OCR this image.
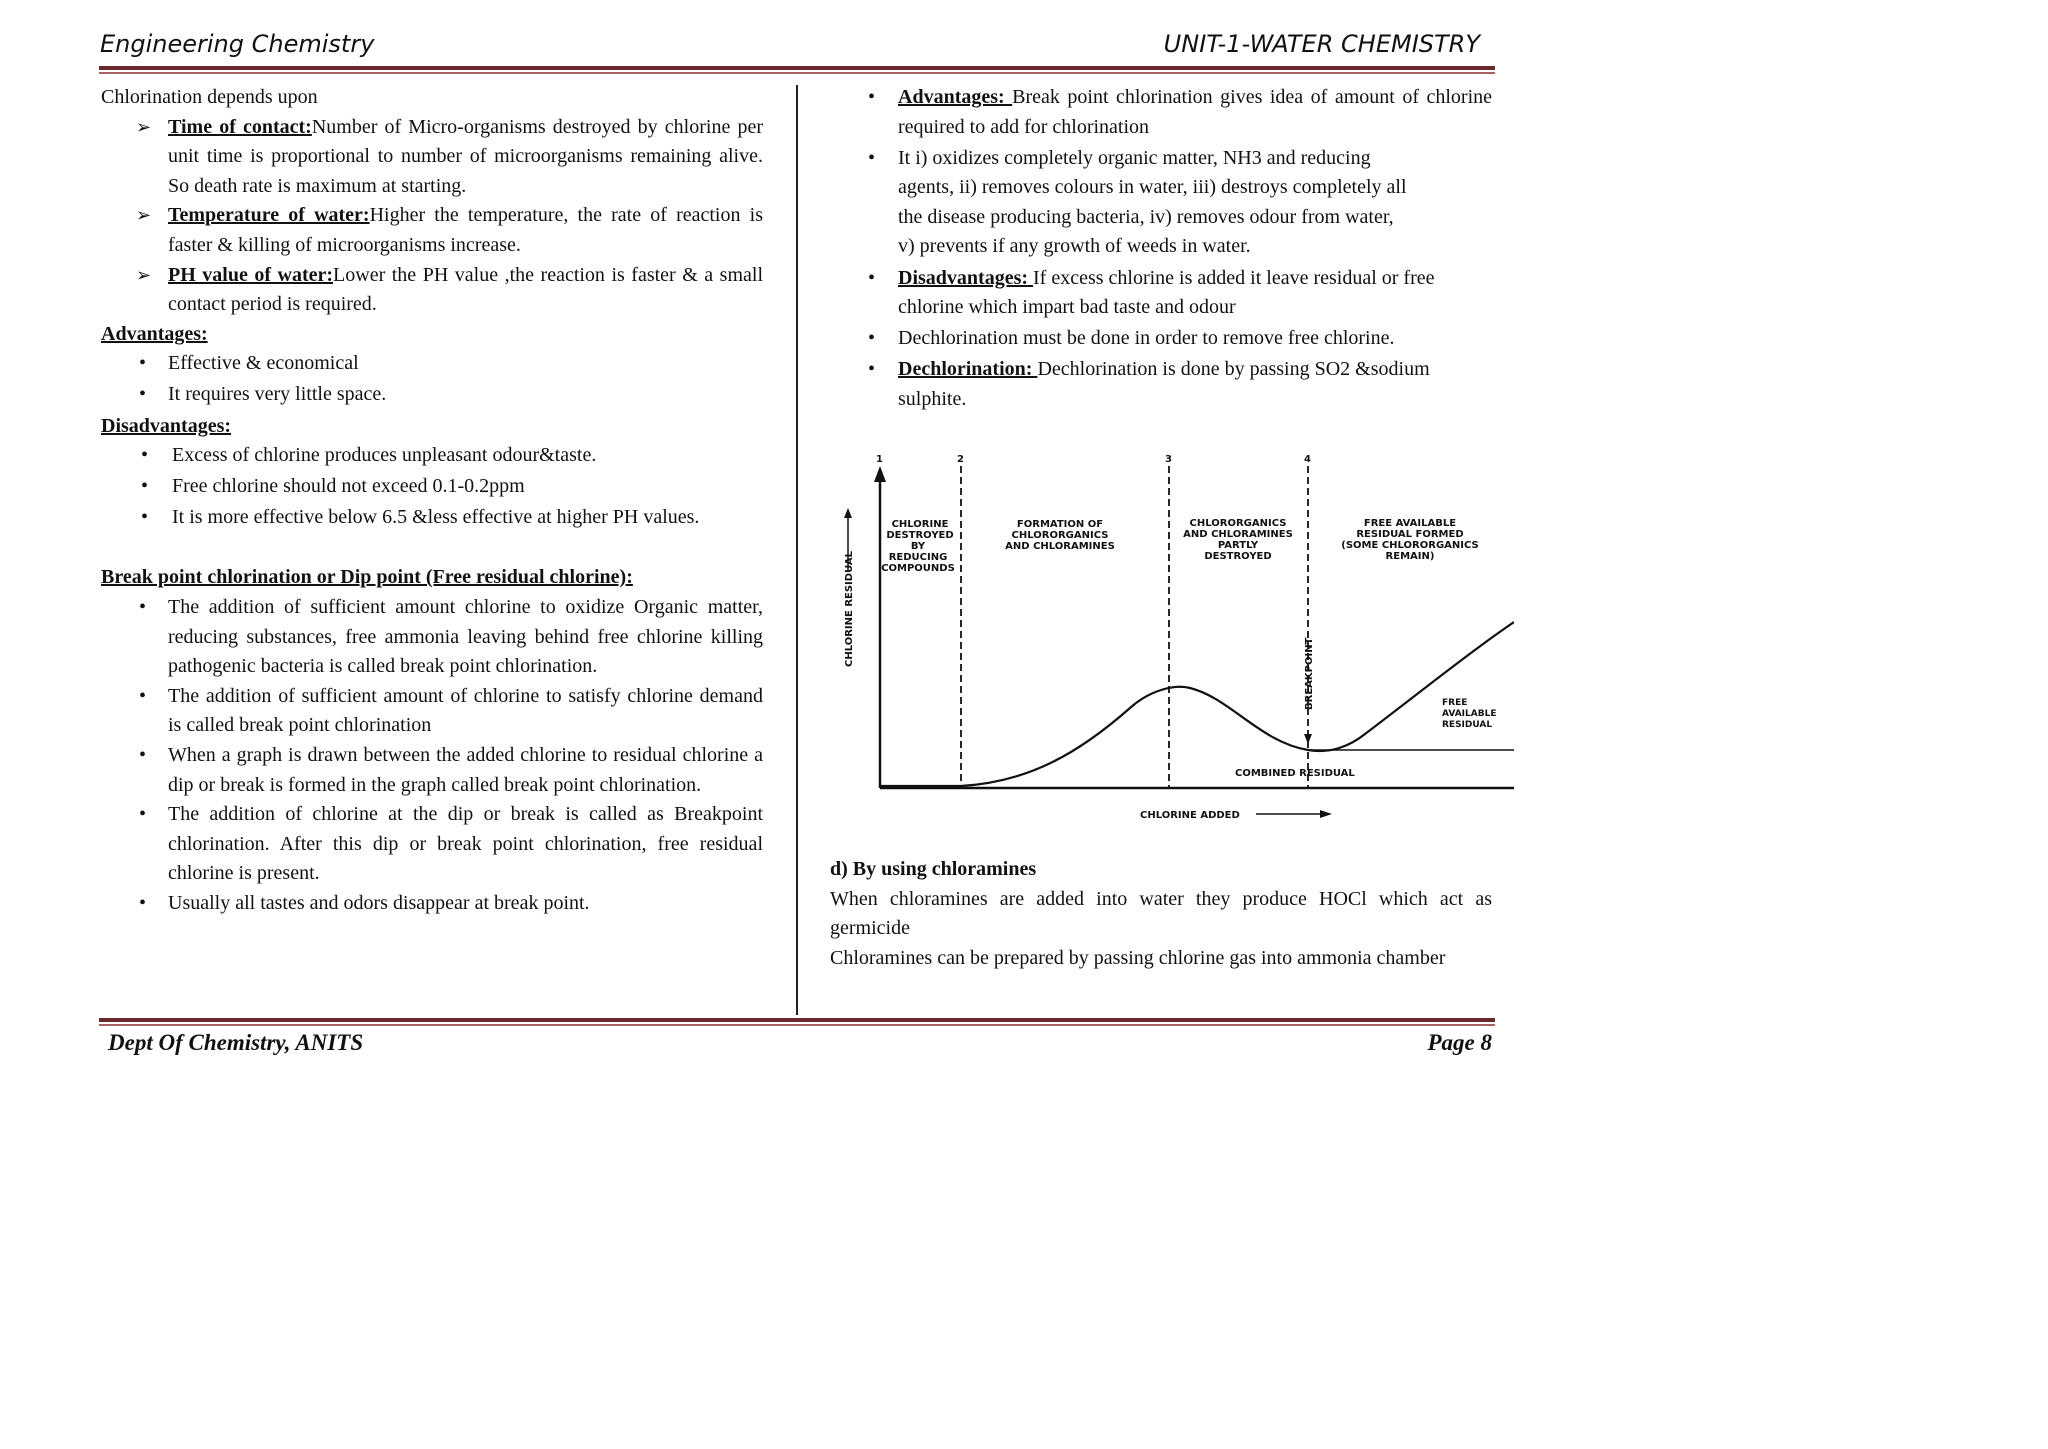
Engineering Chemistry	UNIT-1-WATER CHEMISTRY

Chlorination depends upon

➢ Time of contact:Number of Micro-organisms destroyed by chlorine per unit time is proportional to number of microorganisms remaining alive. So death rate is maximum at starting.
➢ Temperature of water:Higher the temperature, the rate of reaction is faster & killing of microorganisms increase.
➢ PH value of water:Lower the PH value ,the reaction is faster & a small contact period is required.

Advantages:

• Effective & economical
• It requires very little space.

Disadvantages:

• Excess of chlorine produces unpleasant odour&taste.
• Free chlorine should not exceed 0.1-0.2ppm
• It is more effective below 6.5 &less effective at higher PH values.

Break point chlorination or Dip point (Free residual chlorine):

• The addition of sufficient amount chlorine to oxidize Organic matter, reducing substances, free ammonia leaving behind free chlorine killing pathogenic bacteria is called break point chlorination.
• The addition of sufficient amount of chlorine to satisfy chlorine demand is called break point chlorination
• When a graph is drawn between the added chlorine to residual chlorine a dip or break is formed in the graph called break point chlorination.
• The addition of chlorine at the dip or break is called as Breakpoint chlorination. After this dip or break point chlorination, free residual chlorine is present.
• Usually all tastes and odors disappear at break point.
• Advantages: Break point chlorination gives idea of amount of chlorine required to add for chlorination
• It i) oxidizes completely organic matter, NH3 and reducing
agents, ii) removes colours in water, iii) destroys completely all
the disease producing bacteria, iv) removes odour from water,
v) prevents if any growth of weeds in water.
• Disadvantages: If excess chlorine is added it leave residual or free chlorine which impart bad taste and odour
• Dechlorination must be done in order to remove free chlorine.
• Dechlorination: Dechlorination is done by passing SO2 &sodium sulphite.
1	2	3	4
CHLORINE
DESTROYED
BY
REDUCING
COMPOUNDS
FORMATION OF
CHLORORGANICS
AND CHLORAMINES
CHLORORGANICS
AND CHLORAMINES
PARTLY
DESTROYED
FREE AVAILABLE
RESIDUAL FORMED
(SOME CHLORORGANICS
REMAIN)
CHLORINE RESIDUAL
BREAKPOINT
COMBINED RESIDUAL
FREE
AVAILABLE
RESIDUAL
CHLORINE ADDED

d) By using chloramines

When chloramines are added into water they produce HOCl which act as germicide

Chloramines can be prepared by passing chlorine gas into ammonia chamber

Dept Of Chemistry, ANITS	Page 8
